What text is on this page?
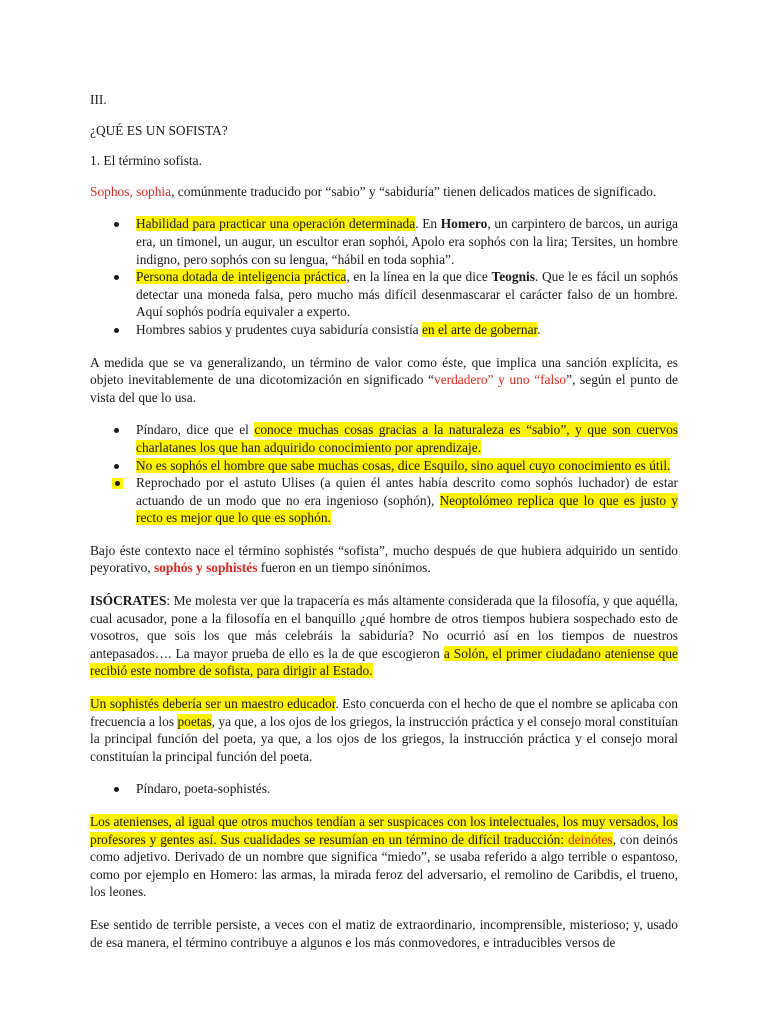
III.

¿QUÉ ES UN SOFISTA?

1. El término sofista.

Sophos, sophia, comúnmente traducido por “sabio” y “sabiduría” tienen delicados matices de significado.

Habilidad para practicar una operación determinada. En Homero, un carpintero de barcos, un auriga era, un timonel, un augur, un escultor eran sophói, Apolo era sophós con la lira; Tersites, un hombre indigno, pero sophós con su lengua, “hábil en toda sophia”.
Persona dotada de inteligencia práctica, en la línea en la que dice Teognis. Que le es fácil un sophós detectar una moneda falsa, pero mucho más difícil desenmascarar el carácter falso de un hombre. Aquí sophós podría equivaler a experto.
Hombres sabios y prudentes cuya sabiduría consistía en el arte de gobernar.

A medida que se va generalizando, un término de valor como éste, que implica una sanción explícita, es objeto inevitablemente de una dicotomización en significado “verdadero” y uno “falso”, según el punto de vista del que lo usa.

Píndaro, dice que el conoce muchas cosas gracias a la naturaleza es “sabio”, y que son cuervos charlatanes los que han adquirido conocimiento por aprendizaje.
No es sophós el hombre que sabe muchas cosas, dice Esquilo, sino aquel cuyo conocimiento es útil.
Reprochado por el astuto Ulises (a quien él antes había descrito como sophós luchador) de estar actuando de un modo que no era ingenioso (sophón), Neoptolómeo replica que lo que es justo y recto es mejor que lo que es sophón.

Bajo éste contexto nace el término sophistés “sofista”, mucho después de que hubiera adquirido un sentido peyorativo, sophós y sophistés fueron en un tiempo sinónimos.

ISÓCRATES: Me molesta ver que la trapacería es más altamente considerada que la filosofía, y que aquélla, cual acusador, pone a la filosofía en el banquillo ¿qué hombre de otros tiempos hubiera sospechado esto de vosotros, que sois los que más celebráis la sabiduría? No ocurrió así en los tiempos de nuestros antepasados…. La mayor prueba de ello es la de que escogieron a Solón, el primer ciudadano ateniense que recibió este nombre de sofista, para dirigir al Estado.

Un sophistés debería ser un maestro educador. Esto concuerda con el hecho de que el nombre se aplicaba con frecuencia a los poetas, ya que, a los ojos de los griegos, la instrucción práctica y el consejo moral constituían la principal función del poeta, ya que, a los ojos de los griegos, la instrucción práctica y el consejo moral constituían la principal función del poeta.

Píndaro, poeta-sophistés.

Los atenienses, al igual que otros muchos tendían a ser suspicaces con los intelectuales, los muy versados, los profesores y gentes así. Sus cualidades se resumían en un término de difícil traducción: deinótes, con deinós como adjetivo. Derivado de un nombre que significa “miedo”, se usaba referido a algo terrible o espantoso, como por ejemplo en Homero: las armas, la mirada feroz del adversario, el remolino de Caribdis, el trueno, los leones.

Ese sentido de terrible persiste, a veces con el matiz de extraordinario, incomprensible, misterioso; y, usado de esa manera, el término contribuye a algunos e los más conmovedores, e intraducibles versos de
